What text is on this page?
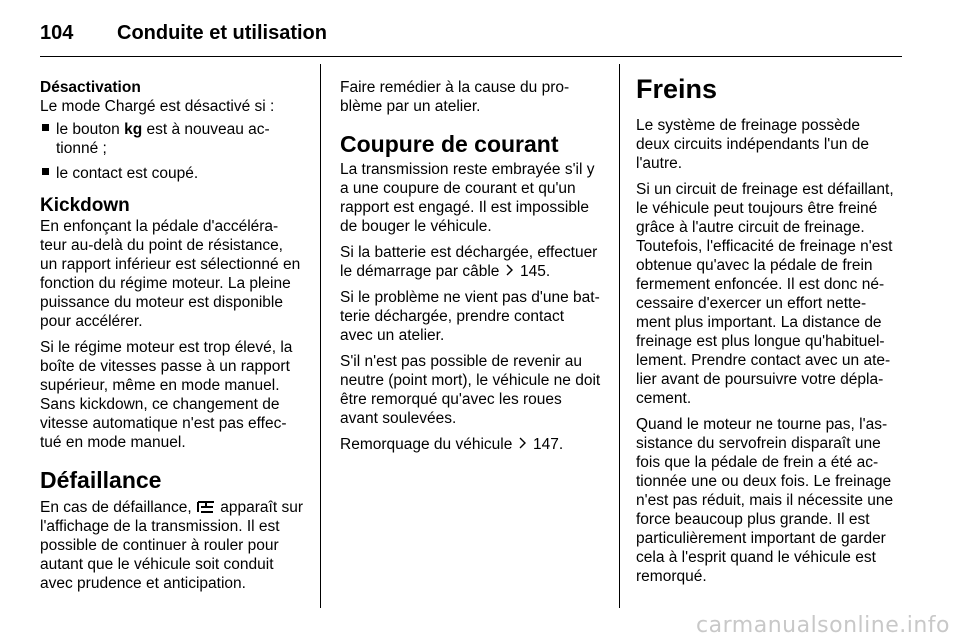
104	Conduite et utilisation
Désactivation

Le mode Chargé est désactivé si :

le bouton kg est à nouveau ac-
tionné ;
le contact est coupé.
Kickdown

En enfonçant la pédale d'accéléra-
teur au-delà du point de résistance,
un rapport inférieur est sélectionné en
fonction du régime moteur. La pleine
puissance du moteur est disponible
pour accélérer.

Si le régime moteur est trop élevé, la
boîte de vitesses passe à un rapport
supérieur, même en mode manuel.
Sans kickdown, ce changement de
vitesse automatique n'est pas effec-
tué en mode manuel.

Défaillance

En cas de défaillance,  apparaît sur
l'affichage de la transmission. Il est
possible de continuer à rouler pour
autant que le véhicule soit conduit
avec prudence et anticipation.

Faire remédier à la cause du pro-
blème par un atelier.

Coupure de courant

La transmission reste embrayée s'il y
a une coupure de courant et qu'un
rapport est engagé. Il est impossible
de bouger le véhicule.

Si la batterie est déchargée, effectuer
le démarrage par câble  145.

Si le problème ne vient pas d'une bat-
terie déchargée, prendre contact
avec un atelier.

S'il n'est pas possible de revenir au
neutre (point mort), le véhicule ne doit
être remorqué qu'avec les roues
avant soulevées.

Remorquage du véhicule  147.

Freins

Le système de freinage possède
deux circuits indépendants l'un de
l'autre.

Si un circuit de freinage est défaillant,
le véhicule peut toujours être freiné
grâce à l'autre circuit de freinage.
Toutefois, l'efficacité de freinage n'est
obtenue qu'avec la pédale de frein
fermement enfoncée. Il est donc né-
cessaire d'exercer un effort nette-
ment plus important. La distance de
freinage est plus longue qu'habituel-
lement. Prendre contact avec un ate-
lier avant de poursuivre votre dépla-
cement.

Quand le moteur ne tourne pas, l'as-
sistance du servofrein disparaît une
fois que la pédale de frein a été ac-
tionnée une ou deux fois. Le freinage
n'est pas réduit, mais il nécessite une
force beaucoup plus grande. Il est
particulièrement important de garder
cela à l'esprit quand le véhicule est
remorqué.

carmanualsonline.info
